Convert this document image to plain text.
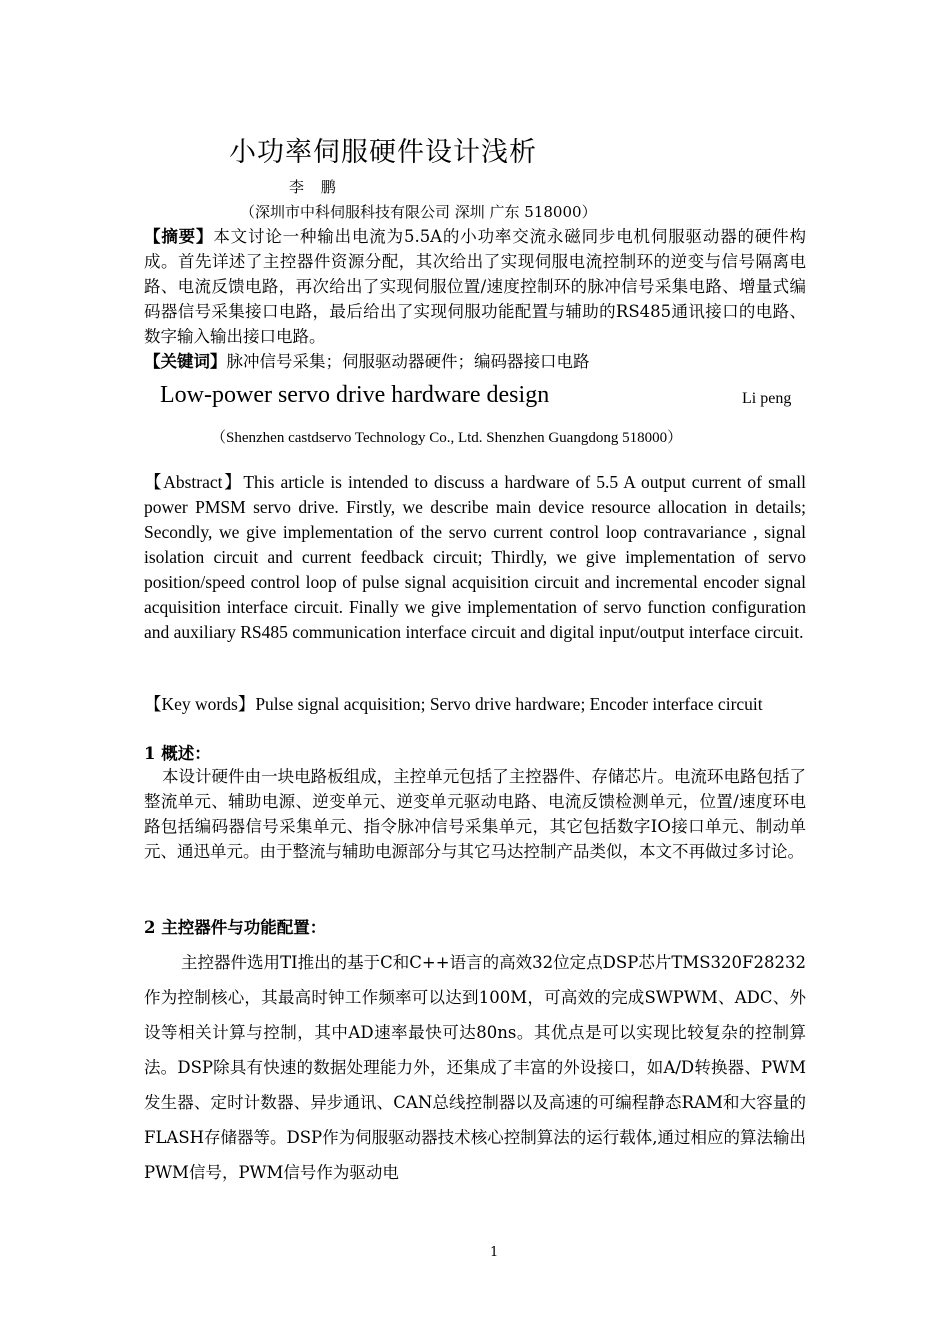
小功率伺服硬件设计浅析
李 鹏
（深圳市中科伺服科技有限公司 深圳 广东 518000）
【摘要】本文讨论一种输出电流为5.5A的小功率交流永磁同步电机伺服驱动器的硬件构成。首先详述了主控器件资源分配，其次给出了实现伺服电流控制环的逆变与信号隔离电路、电流反馈电路，再次给出了实现伺服位置/速度控制环的脉冲信号采集电路、增量式编码器信号采集接口电路，最后给出了实现伺服功能配置与辅助的RS485通讯接口的电路、数字输入输出接口电路。
【关键词】脉冲信号采集；伺服驱动器硬件；编码器接口电路
Low-power servo drive hardware design	Li peng
（Shenzhen castdservo Technology Co., Ltd. Shenzhen Guangdong 518000）
【Abstract】This article is intended to discuss a hardware of 5.5 A output current of small power PMSM servo drive. Firstly, we describe main device resource allocation in details; Secondly, we give implementation of the servo current control loop contravariance , signal isolation circuit and current feedback circuit; Thirdly, we give implementation of servo position/speed control loop of pulse signal acquisition circuit and incremental encoder signal acquisition interface circuit. Finally we give implementation of servo function configuration and auxiliary RS485 communication interface circuit and digital input/output interface circuit.
【Key words】Pulse signal acquisition; Servo drive hardware; Encoder interface circuit
1 概述：
本设计硬件由一块电路板组成，主控单元包括了主控器件、存储芯片。电流环电路包括了整流单元、辅助电源、逆变单元、逆变单元驱动电路、电流反馈检测单元，位置/速度环电路包括编码器信号采集单元、指令脉冲信号采集单元，其它包括数字IO接口单元、制动单元、通迅单元。由于整流与辅助电源部分与其它马达控制产品类似，本文不再做过多讨论。
2 主控器件与功能配置：
主控器件选用TI推出的基于C和C++语言的高效32位定点DSP芯片TMS320F28232作为控制核心，其最高时钟工作频率可以达到100M，可高效的完成SWPWM、ADC、外设等相关计算与控制，其中AD速率最快可达80ns。其优点是可以实现比较复杂的控制算法。DSP除具有快速的数据处理能力外，还集成了丰富的外设接口，如A/D转换器、PWM发生器、定时计数器、异步通讯、CAN总线控制器以及高速的可编程静态RAM和大容量的FLASH存储器等。DSP作为伺服驱动器技术核心控制算法的运行载体,通过相应的算法输出PWM信号，PWM信号作为驱动电
1
